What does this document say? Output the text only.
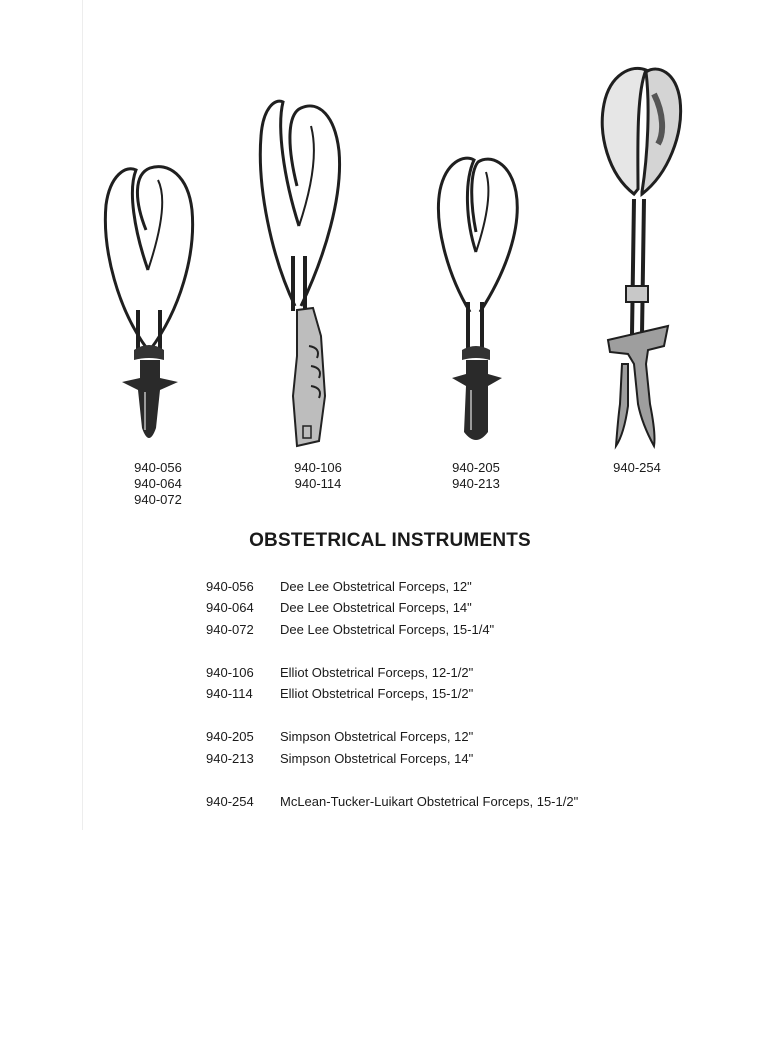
940-056
940-064
940-072
940-106
940-114
940-205
940-213
940-254
OBSTETRICAL INSTRUMENTS
940-056 Dee Lee Obstetrical Forceps, 12"
940-064 Dee Lee Obstetrical Forceps, 14"
940-072 Dee Lee Obstetrical Forceps, 15-1/4"
940-106 Elliot Obstetrical Forceps, 12-1/2"
940-114 Elliot Obstetrical Forceps, 15-1/2"
940-205 Simpson Obstetrical Forceps, 12"
940-213 Simpson Obstetrical Forceps, 14"
940-254 McLean-Tucker-Luikart Obstetrical Forceps, 15-1/2"
